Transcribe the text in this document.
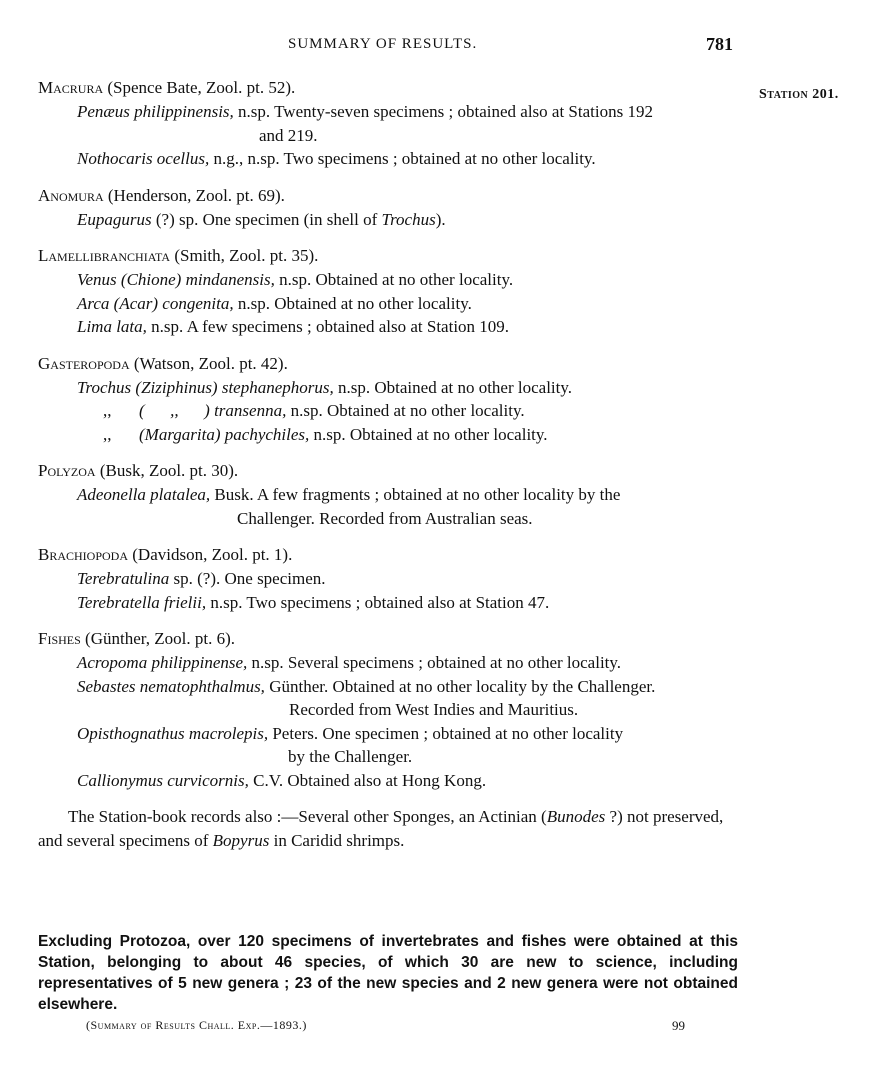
SUMMARY OF RESULTS.	781
Station 201.
Macrura (Spence Bate, Zool. pt. 52).
Penæus philippinensis, n.sp. Twenty-seven specimens ; obtained also at Stations 192
and 219.
Nothocaris ocellus, n.g., n.sp. Two specimens ; obtained at no other locality.
Anomura (Henderson, Zool. pt. 69).
Eupagurus (?) sp. One specimen (in shell of Trochus).
Lamellibranchiata (Smith, Zool. pt. 35).
Venus (Chione) mindanensis, n.sp. Obtained at no other locality.
Arca (Acar) congenita, n.sp. Obtained at no other locality.
Lima lata, n.sp. A few specimens ; obtained also at Station 109.
Gasteropoda (Watson, Zool. pt. 42).
Trochus (Ziziphinus) stephanephorus, n.sp. Obtained at no other locality.
,, (      ,,      ) transenna, n.sp. Obtained at no other locality.
,, (Margarita) pachychiles, n.sp. Obtained at no other locality.
Polyzoa (Busk, Zool. pt. 30).
Adeonella platalea, Busk. A few fragments ; obtained at no other locality by the
Challenger. Recorded from Australian seas.
Brachiopoda (Davidson, Zool. pt. 1).
Terebratulina sp. (?). One specimen.
Terebratella frielii, n.sp. Two specimens ; obtained also at Station 47.
Fishes (Günther, Zool. pt. 6).
Acropoma philippinense, n.sp. Several specimens ; obtained at no other locality.
Sebastes nematophthalmus, Günther. Obtained at no other locality by the Challenger.
Recorded from West Indies and Mauritius.
Opisthognathus macrolepis, Peters. One specimen ; obtained at no other locality
by the Challenger.
Callionymus curvicornis, C.V. Obtained also at Hong Kong.
The Station-book records also :—Several other Sponges, an Actinian (Bunodes ?) not preserved, and several specimens of Bopyrus in Caridid shrimps.
Excluding Protozoa, over 120 specimens of invertebrates and fishes were obtained at this Station, belonging to about 46 species, of which 30 are new to science, including representatives of 5 new genera ; 23 of the new species and 2 new genera were not obtained elsewhere.
(Summary of Results Chall. Exp.—1893.)	99
